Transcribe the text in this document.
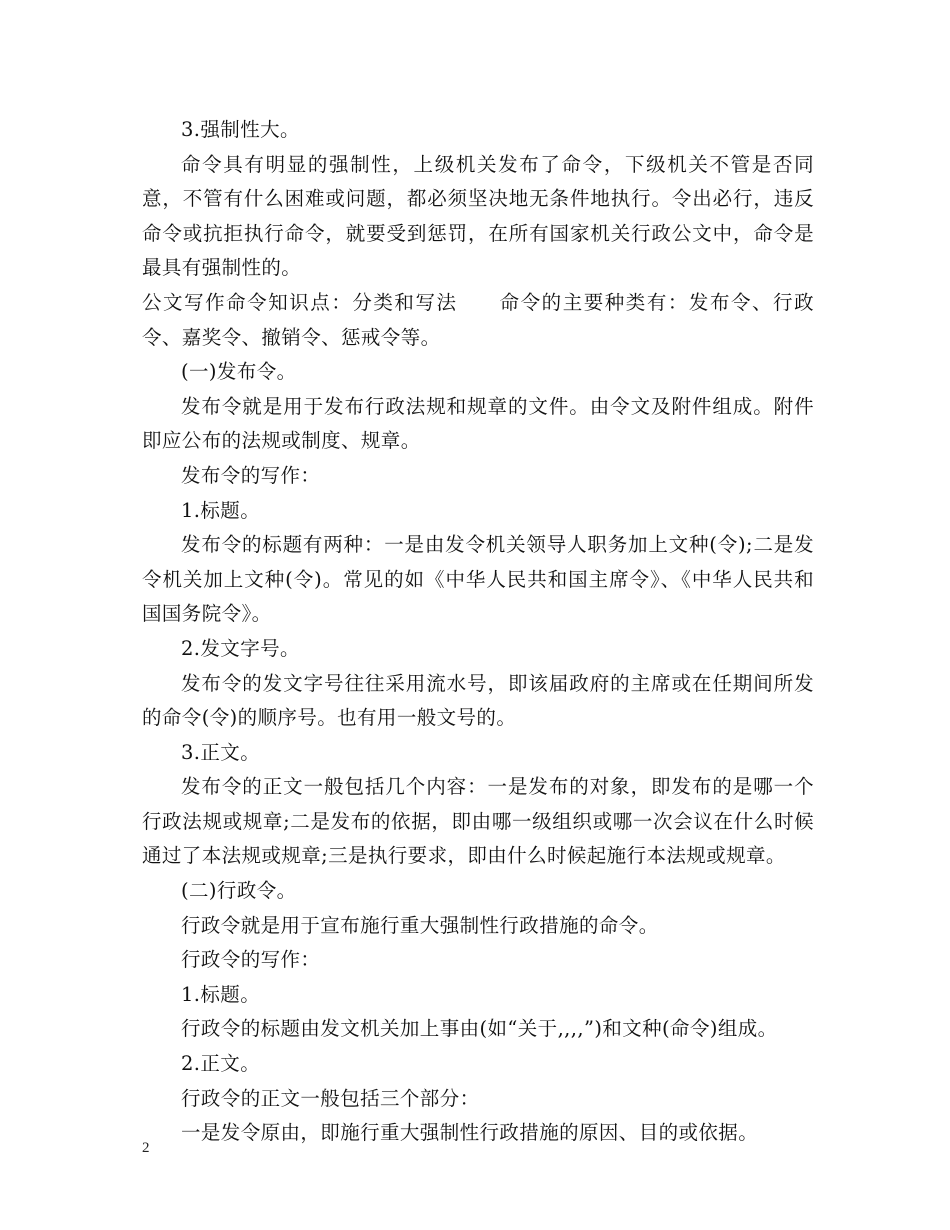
3.强制性大。

命令具有明显的强制性，上级机关发布了命令，下级机关不管是否同意，不管有什么困难或问题，都必须坚决地无条件地执行。令出必行，违反命令或抗拒执行命令，就要受到惩罚，在所有国家机关行政公文中，命令是最具有强制性的。

公文写作命令知识点：分类和写法　　命令的主要种类有：发布令、行政令、嘉奖令、撤销令、惩戒令等。

(一)发布令。

发布令就是用于发布行政法规和规章的文件。由令文及附件组成。附件即应公布的法规或制度、规章。

发布令的写作：

1.标题。

发布令的标题有两种：一是由发令机关领导人职务加上文种(令);二是发令机关加上文种(令)。常见的如《中华人民共和国主席令》、《中华人民共和国国务院令》。

2.发文字号。

发布令的发文字号往往采用流水号，即该届政府的主席或在任期间所发的命令(令)的顺序号。也有用一般文号的。

3.正文。

发布令的正文一般包括几个内容：一是发布的对象，即发布的是哪一个行政法规或规章;二是发布的依据，即由哪一级组织或哪一次会议在什么时候通过了本法规或规章;三是执行要求，即由什么时候起施行本法规或规章。

(二)行政令。

行政令就是用于宣布施行重大强制性行政措施的命令。

行政令的写作：

1.标题。

行政令的标题由发文机关加上事由(如“关于,,,,”)和文种(命令)组成。

2.正文。

行政令的正文一般包括三个部分：

一是发令原由，即施行重大强制性行政措施的原因、目的或依据。

2
